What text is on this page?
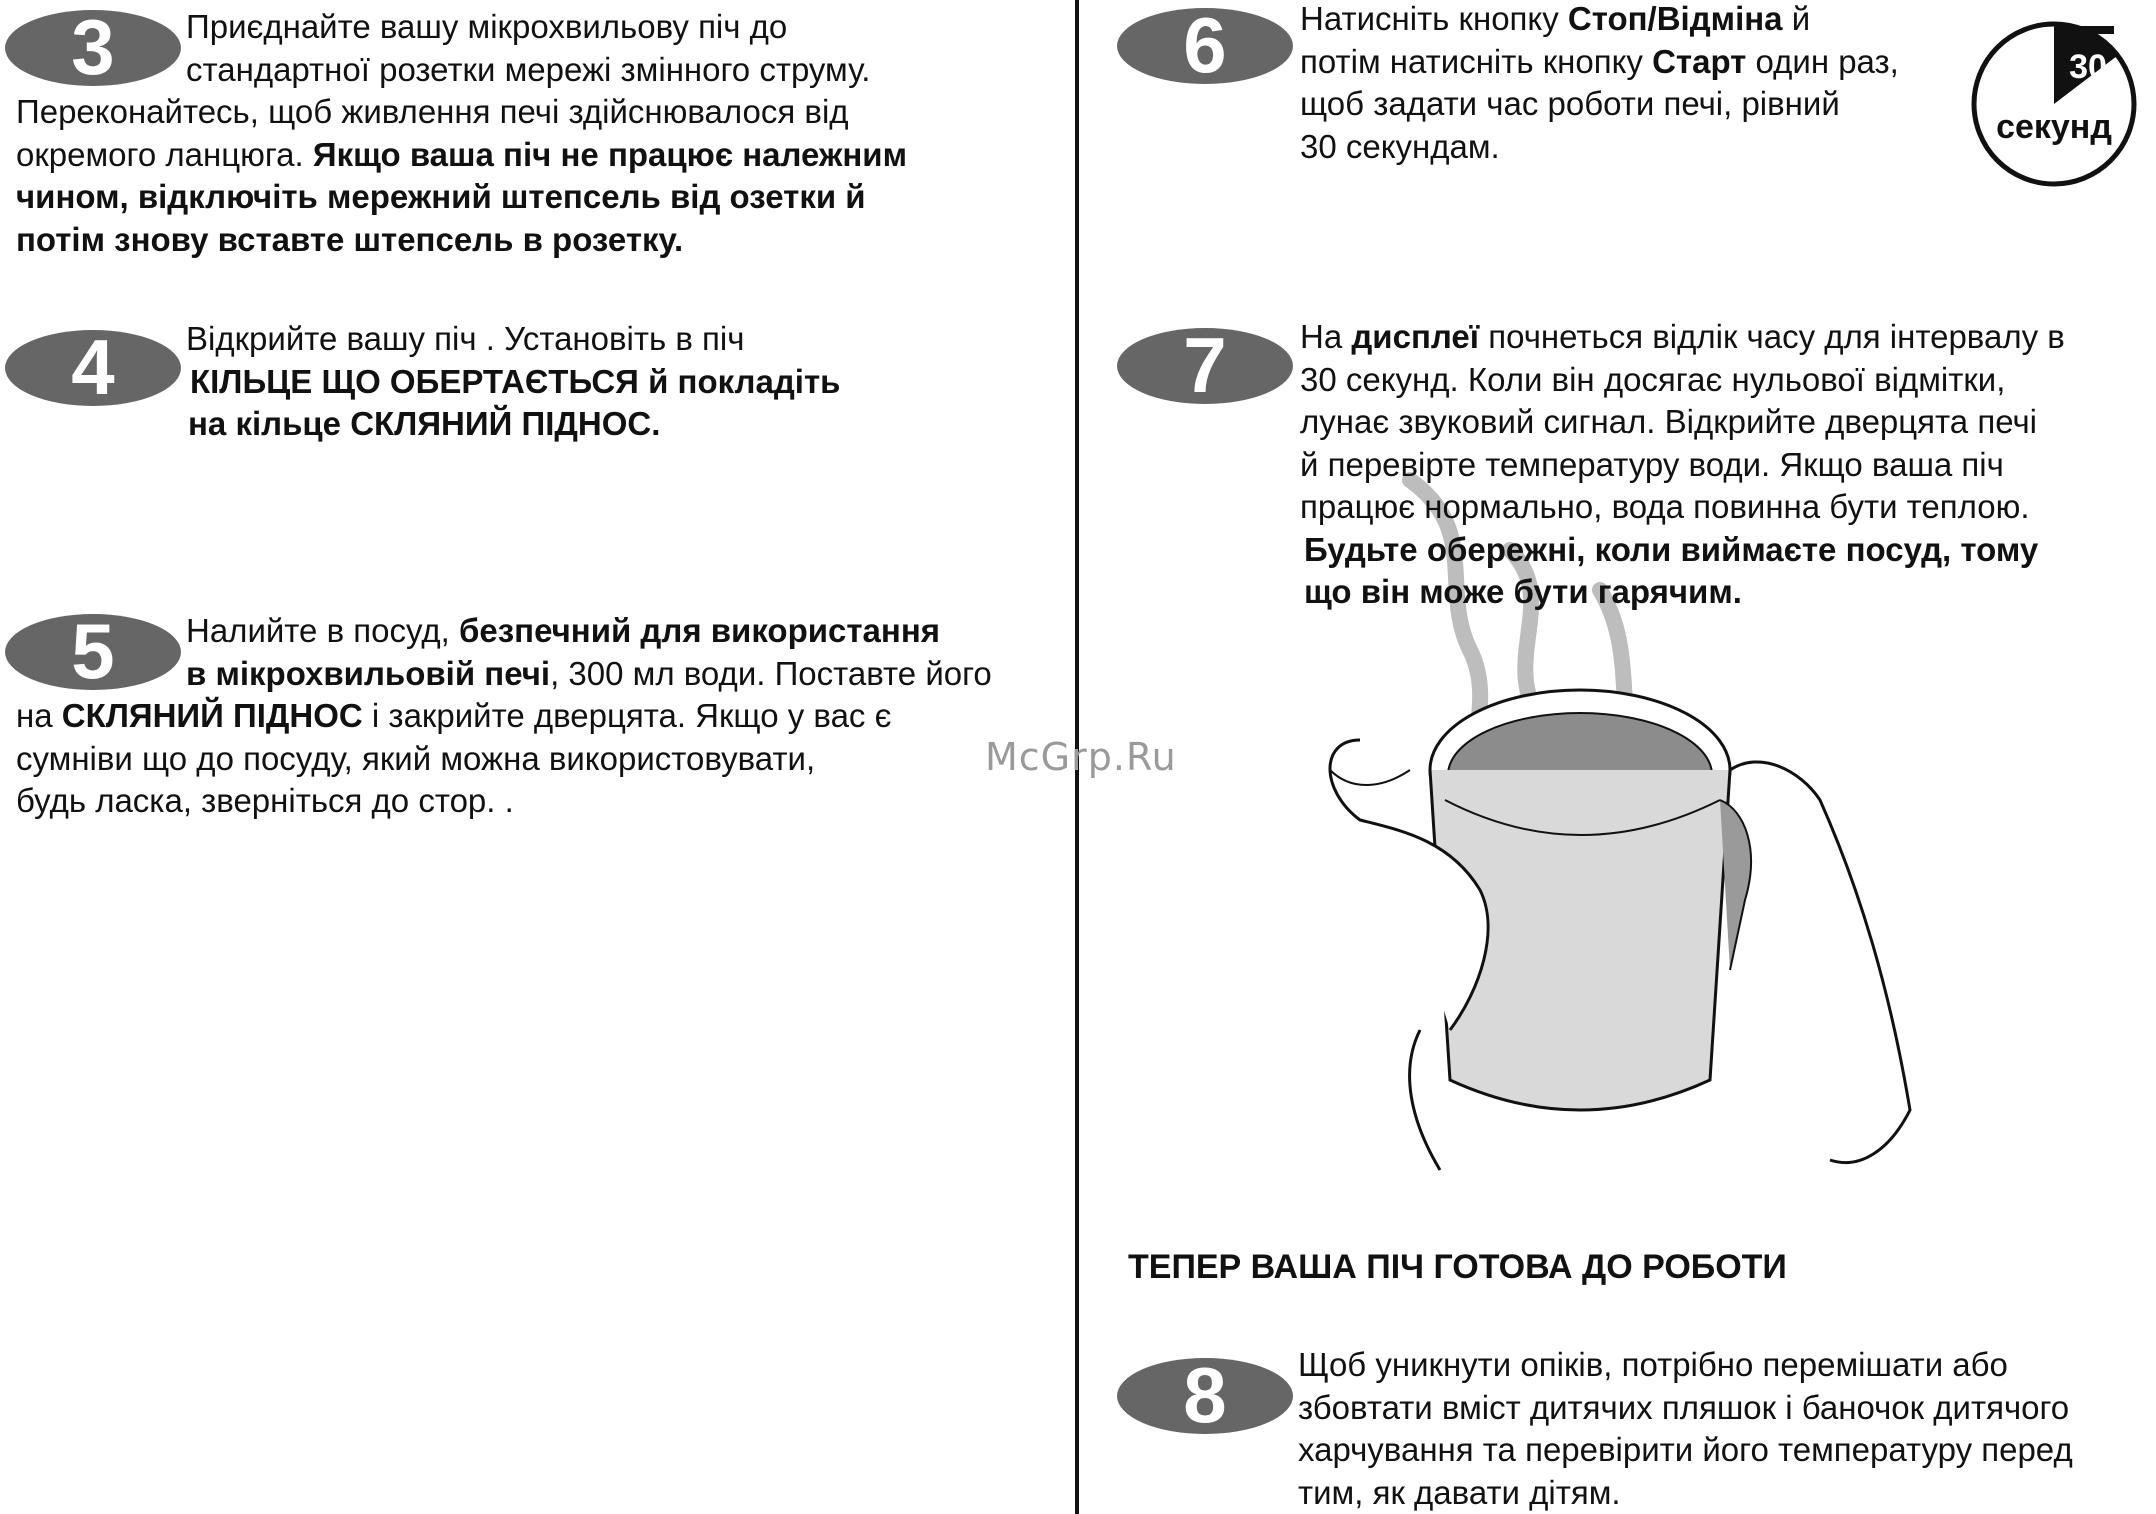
3	Приєднайте вашу мікрохвильову піч до
стандартної розетки мережі змінного струму.
Переконайтесь, щоб живлення печі здійснювалося від
окремого ланцюга. Якщо ваша піч не працює належним
чином, відключіть мережний штепсель від озетки й
потім знову вставте штепсель в розетку.
4 Відкрийте вашу піч . Установіть в піч
КІЛЬЦЕ ЩО ОБЕРТАЄТЬСЯ й покладіть
на кільце СКЛЯНИЙ ПІДНОС.
5	Налийте в посуд, безпечний для використання
в мікрохвильовій печі, 300 мл води. Поставте його
на СКЛЯНИЙ ПІДНОС і закрийте дверцята. Якщо у вас є
сумніви що до посуду, який можна використовувати,
будь ласка, зверніться до стор. .
6 Натисніть кнопку Стоп/Відміна й
потім натисніть кнопку Старт один раз,
щоб задати час роботи печі, рівний
30 секундам.
30
секунд
7 На дисплеї почнеться відлік часу для інтервалу в
30 секунд. Коли він досягає нульової відмітки,
лунає звуковий сигнал. Відкрийте дверцята печі
й перевірте температуру води. Якщо ваша піч
працює нормально, вода повинна бути теплою.
Будьте обережні, коли виймаєте посуд, тому
що він може бути гарячим.
McGrp.Ru
ТЕПЕР ВАША ПІЧ ГОТОВА ДО РОБОТИ
8 Щоб уникнути опіків, потрібно перемішати або
збовтати вміст дитячих пляшок і баночок дитячого
харчування та перевірити його температуру перед
тим, як давати дітям.
